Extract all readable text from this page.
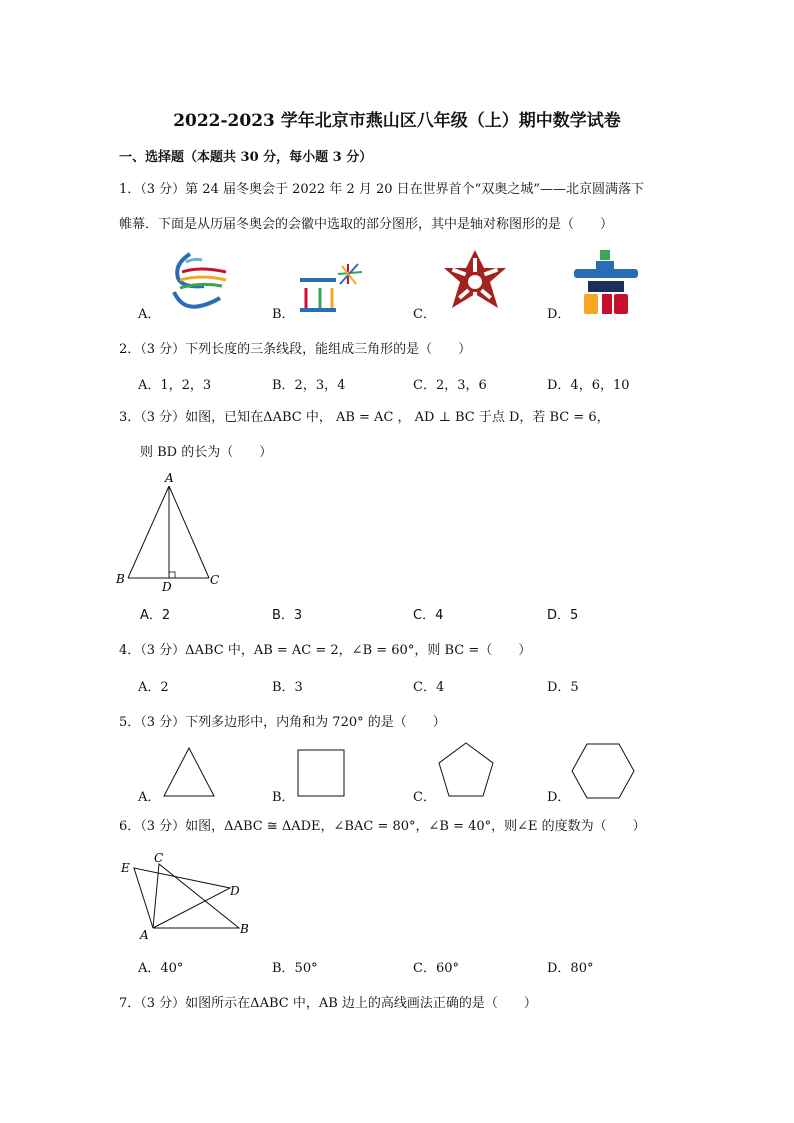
2022-2023 学年北京市燕山区八年级（上）期中数学试卷
一、选择题（本题共 30 分，每小题 3 分）
1．（3 分）第 24 届冬奥会于 2022 年 2 月 20 日在世界首个“双奥之城”——北京圆满落下
帷幕．下面是从历届冬奥会的会徽中选取的部分图形，其中是轴对称图形的是（　　）
A．	B．	C．	D．
2．（3 分）下列长度的三条线段，能组成三角形的是（　　）
A．1，2，3	B．2，3，4	C．2，3，6	D．4，6，10
3．（3 分）如图，已知在ΔABC 中， AB = AC ， AD ⊥ BC 于点 D，若 BC = 6，
则 BD 的长为（　　）
A
B	C
D
A．2	B．3	C．4	D．5
4．（3 分）ΔABC 中，AB = AC = 2，∠B = 60°，则 BC =（　　）
A．2	B．3	C．4	D．5
5．（3 分）下列多边形中，内角和为 720° 的是（　　）
A．	B．	C．	D．
6．（3 分）如图，ΔABC ≅ ΔADE，∠BAC = 80°，∠B = 40°，则∠E 的度数为（　　）
E
C
D
A	B
A．40°	B．50°	C．60°	D．80°
7．（3 分）如图所示在ΔABC 中，AB 边上的高线画法正确的是（　　）
